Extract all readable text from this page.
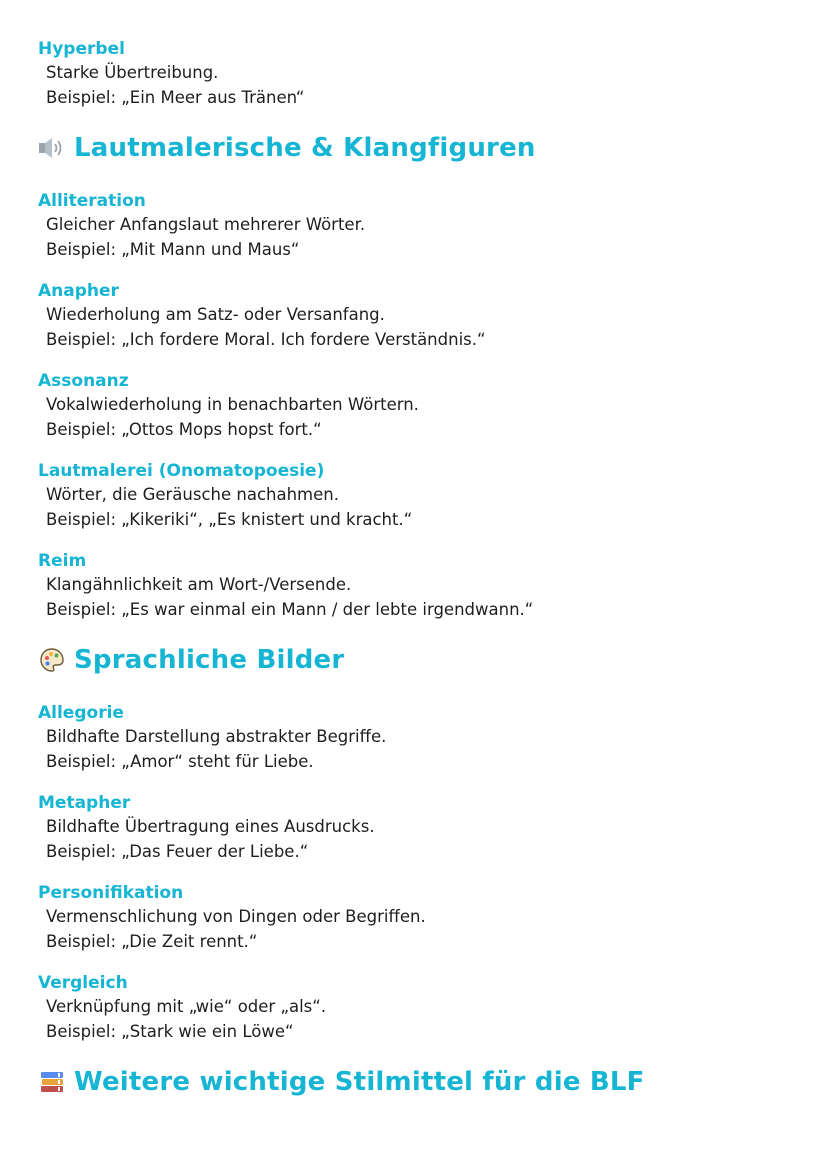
Hyperbel
Starke Übertreibung.
Beispiel: „Ein Meer aus Tränen“
Lautmalerische & Klangfiguren
Alliteration
Gleicher Anfangslaut mehrerer Wörter.
Beispiel: „Mit Mann und Maus“
Anapher
Wiederholung am Satz- oder Versanfang.
Beispiel: „Ich fordere Moral. Ich fordere Verständnis.“
Assonanz
Vokalwiederholung in benachbarten Wörtern.
Beispiel: „Ottos Mops hopst fort.“
Lautmalerei (Onomatopoesie)
Wörter, die Geräusche nachahmen.
Beispiel: „Kikeriki“, „Es knistert und kracht.“
Reim
Klangähnlichkeit am Wort-/Versende.
Beispiel: „Es war einmal ein Mann / der lebte irgendwann.“
Sprachliche Bilder
Allegorie
Bildhafte Darstellung abstrakter Begriffe.
Beispiel: „Amor“ steht für Liebe.
Metapher
Bildhafte Übertragung eines Ausdrucks.
Beispiel: „Das Feuer der Liebe.“
Personifikation
Vermenschlichung von Dingen oder Begriffen.
Beispiel: „Die Zeit rennt.“
Vergleich
Verknüpfung mit „wie“ oder „als“.
Beispiel: „Stark wie ein Löwe“
Weitere wichtige Stilmittel für die BLF
